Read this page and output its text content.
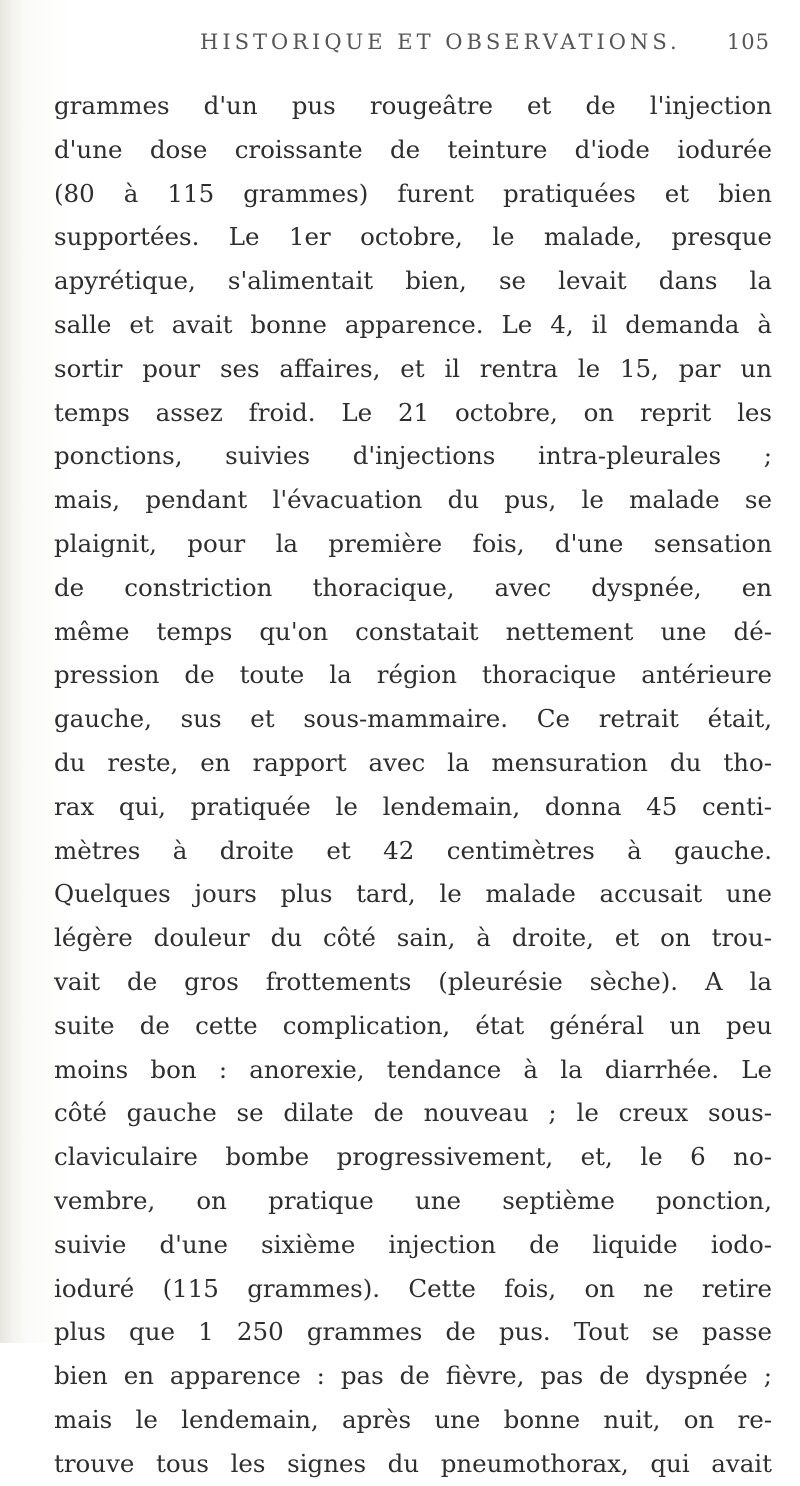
HISTORIQUE ET OBSERVATIONS. 105
grammes d'un pus rougeâtre et de l'injection
d'une dose croissante de teinture d'iode iodurée
(80 à 115 grammes) furent pratiquées et bien
supportées. Le 1er octobre, le malade, presque
apyrétique, s'alimentait bien, se levait dans la
salle et avait bonne apparence. Le 4, il demanda à
sortir pour ses affaires, et il rentra le 15, par un
temps assez froid. Le 21 octobre, on reprit les
ponctions, suivies d'injections intra-pleurales ;
mais, pendant l'évacuation du pus, le malade se
plaignit, pour la première fois, d'une sensation
de constriction thoracique, avec dyspnée, en
même temps qu'on constatait nettement une dé-
pression de toute la région thoracique antérieure
gauche, sus et sous-mammaire. Ce retrait était,
du reste, en rapport avec la mensuration du tho-
rax qui, pratiquée le lendemain, donna 45 centi-
mètres à droite et 42 centimètres à gauche.
Quelques jours plus tard, le malade accusait une
légère douleur du côté sain, à droite, et on trou-
vait de gros frottements (pleurésie sèche). A la
suite de cette complication, état général un peu
moins bon : anorexie, tendance à la diarrhée. Le
côté gauche se dilate de nouveau ; le creux sous-
claviculaire bombe progressivement, et, le 6 no-
vembre, on pratique une septième ponction,
suivie d'une sixième injection de liquide iodo-
ioduré (115 grammes). Cette fois, on ne retire
plus que 1 250 grammes de pus. Tout se passe
bien en apparence : pas de fièvre, pas de dyspnée ;
mais le lendemain, après une bonne nuit, on re-
trouve tous les signes du pneumothorax, qui avait
